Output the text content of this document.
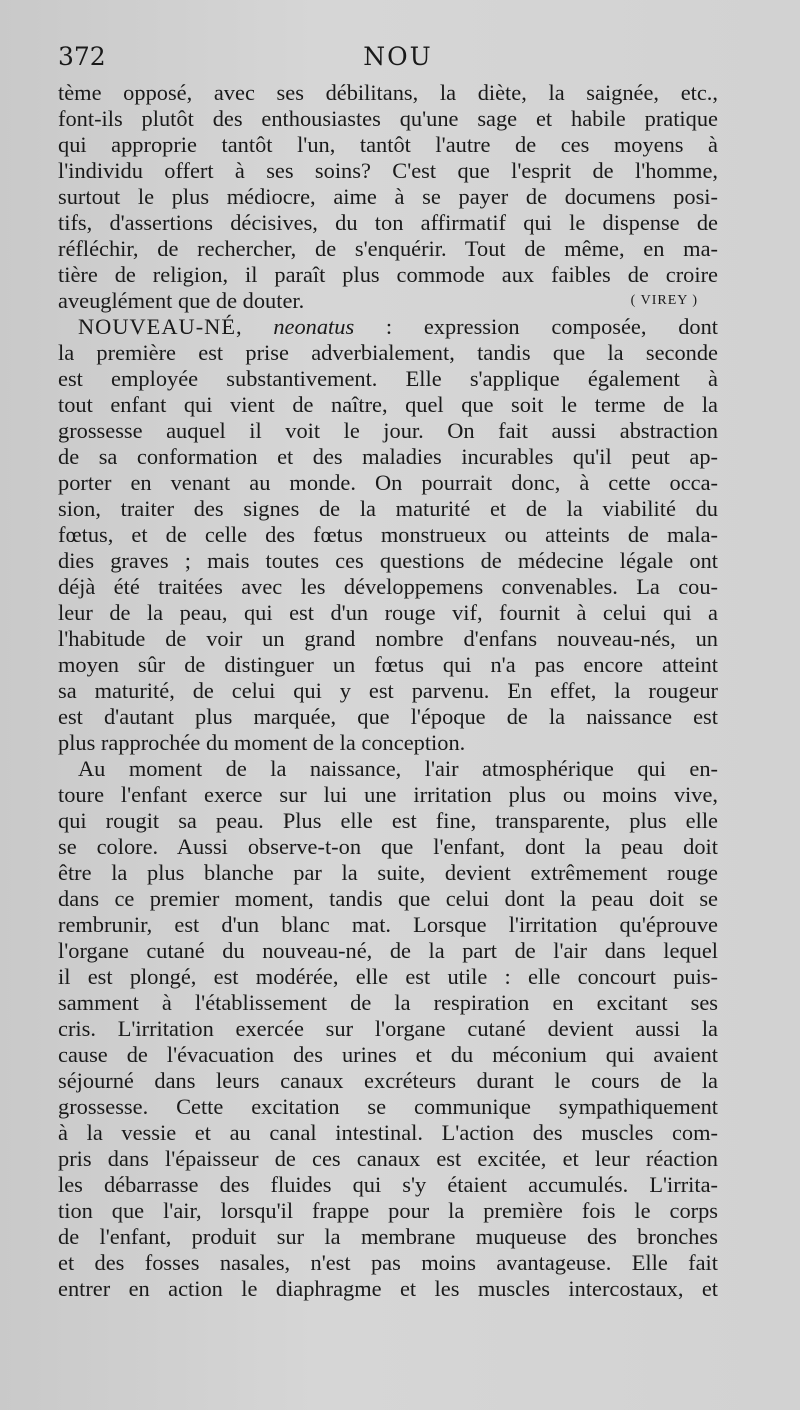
372	NOU
tème opposé, avec ses débilitans, la diète, la saignée, etc.,
font-ils plutôt des enthousiastes qu'une sage et habile pratique
qui approprie tantôt l'un, tantôt l'autre de ces moyens à
l'individu offert à ses soins? C'est que l'esprit de l'homme,
surtout le plus médiocre, aime à se payer de documens posi-
tifs, d'assertions décisives, du ton affirmatif qui le dispense de
réfléchir, de rechercher, de s'enquérir. Tout de même, en ma-
tière de religion, il paraît plus commode aux faibles de croire
aveuglément que de douter.	( VIREY )
NOUVEAU-NÉ, neonatus : expression composée, dont
la première est prise adverbialement, tandis que la seconde
est employée substantivement. Elle s'applique également à
tout enfant qui vient de naître, quel que soit le terme de la
grossesse auquel il voit le jour. On fait aussi abstraction
de sa conformation et des maladies incurables qu'il peut ap-
porter en venant au monde. On pourrait donc, à cette occa-
sion, traiter des signes de la maturité et de la viabilité du
fœtus, et de celle des fœtus monstrueux ou atteints de mala-
dies graves ; mais toutes ces questions de médecine légale ont
déjà été traitées avec les développemens convenables. La cou-
leur de la peau, qui est d'un rouge vif, fournit à celui qui a
l'habitude de voir un grand nombre d'enfans nouveau-nés, un
moyen sûr de distinguer un fœtus qui n'a pas encore atteint
sa maturité, de celui qui y est parvenu. En effet, la rougeur
est d'autant plus marquée, que l'époque de la naissance est
plus rapprochée du moment de la conception.
Au moment de la naissance, l'air atmosphérique qui en-
toure l'enfant exerce sur lui une irritation plus ou moins vive,
qui rougit sa peau. Plus elle est fine, transparente, plus elle
se colore. Aussi observe-t-on que l'enfant, dont la peau doit
être la plus blanche par la suite, devient extrêmement rouge
dans ce premier moment, tandis que celui dont la peau doit se
rembrunir, est d'un blanc mat. Lorsque l'irritation qu'éprouve
l'organe cutané du nouveau-né, de la part de l'air dans lequel
il est plongé, est modérée, elle est utile : elle concourt puis-
samment à l'établissement de la respiration en excitant ses
cris. L'irritation exercée sur l'organe cutané devient aussi la
cause de l'évacuation des urines et du méconium qui avaient
séjourné dans leurs canaux excréteurs durant le cours de la
grossesse. Cette excitation se communique sympathiquement
à la vessie et au canal intestinal. L'action des muscles com-
pris dans l'épaisseur de ces canaux est excitée, et leur réaction
les débarrasse des fluides qui s'y étaient accumulés. L'irrita-
tion que l'air, lorsqu'il frappe pour la première fois le corps
de l'enfant, produit sur la membrane muqueuse des bronches
et des fosses nasales, n'est pas moins avantageuse. Elle fait
entrer en action le diaphragme et les muscles intercostaux, et
